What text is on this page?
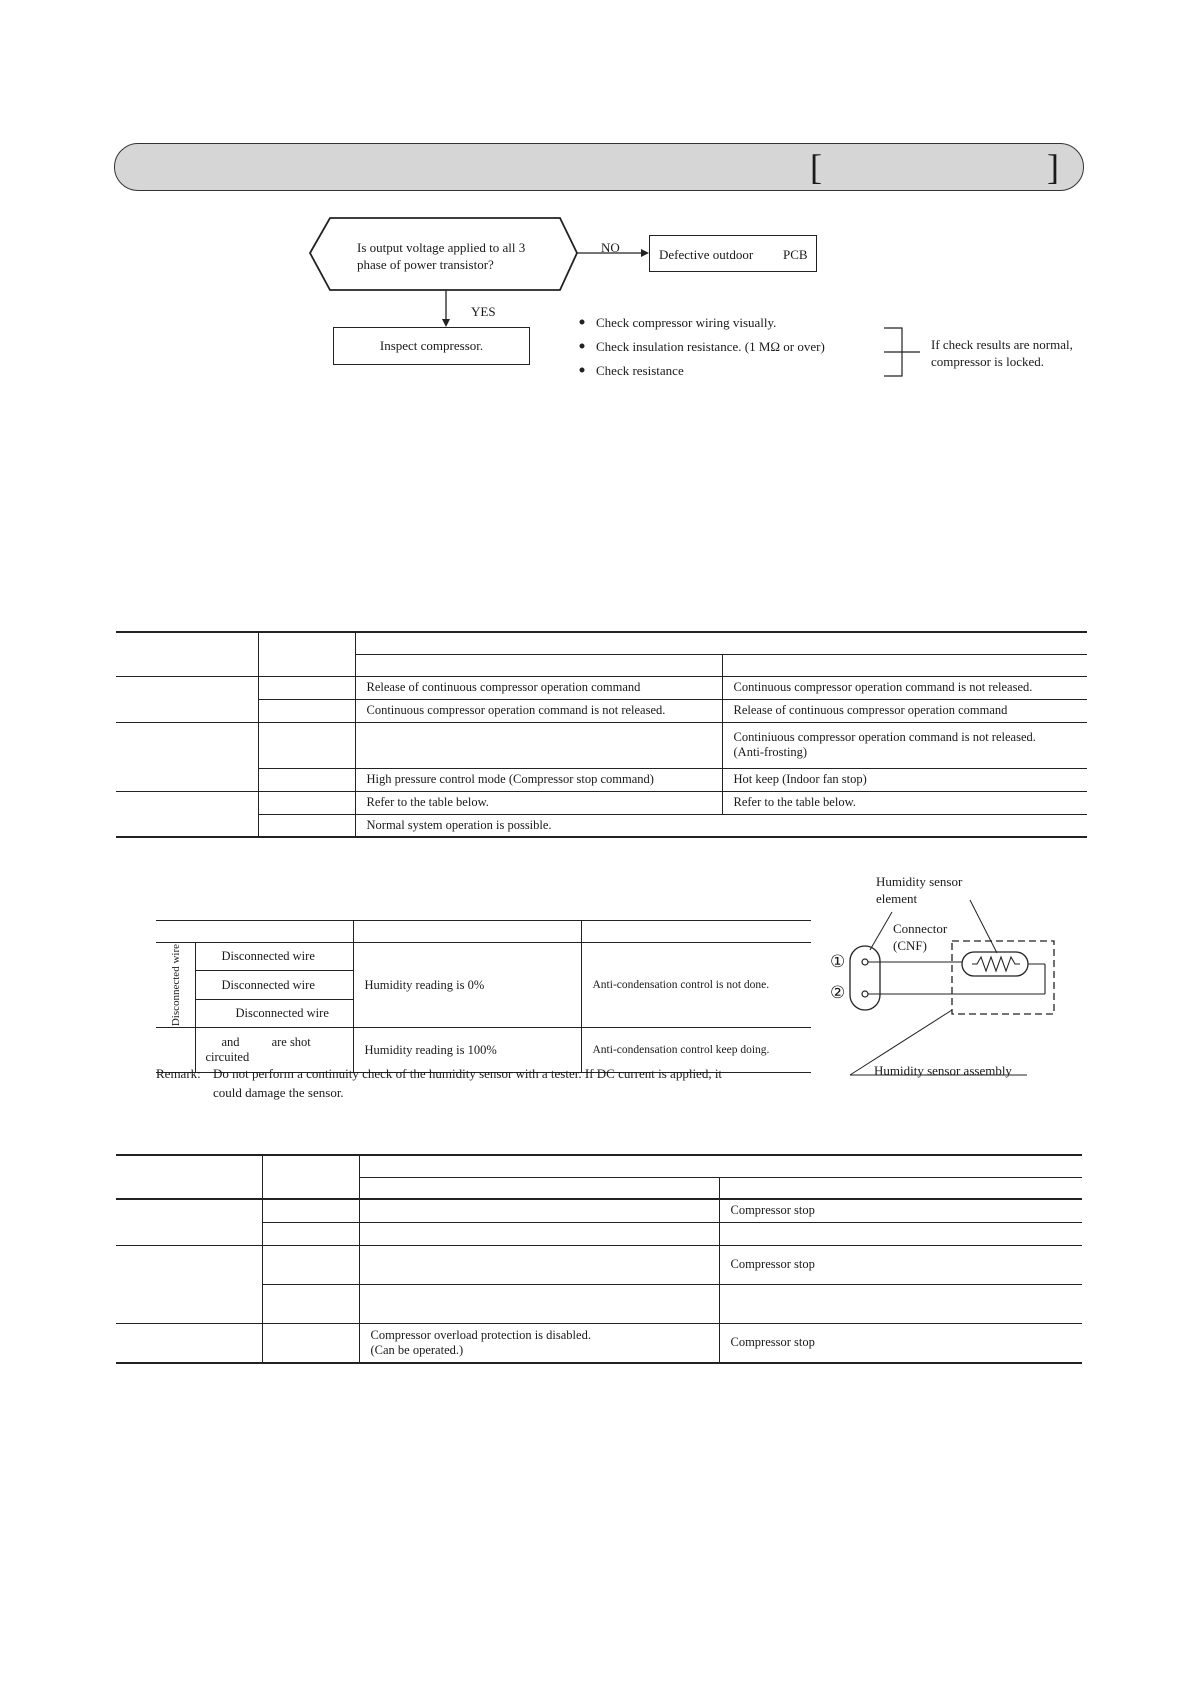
[	]
Is output voltage applied to all 3
phase of power transistor?
NO	Defective outdoor PCB
YES
Inspect compressor.
Check compressor wiring visually.
Check insulation resistance. (1 MΩ or over)
Check resistance
If check results are normal,
compressor is locked.

		Release of continuous compressor operation command	Continuous compressor operation command is not released.
		Continuous compressor operation command is not released.	Release of continuous compressor operation command

			Continiuous compressor operation command is not released.
(Anti-frosting)

		High pressure control mode (Compressor stop command)	Hot keep (Indoor fan stop)
		Refer to the table below.	Refer to the table below.
		Normal system operation is possible.	

Disconnected wire	Disconnected wire	Humidity reading is 0%	Anti-condensation control is not done.
	Disconnected wire		
	Disconnected wire		

	and are shot
circuited	Humidity reading is 100%	Anti-condensation control keep doing.
Remark: Do not perform a continuity check of the humidity sensor with a tester. If DC current is applied, it
could damage the sensor.
Humidity sensor
element
Connector
(CNF)
①
②
Humidity sensor assembly

			Compressor stop

			Compressor stop

		Compressor overload protection is disabled.
(Can be operated.)	Compressor stop
